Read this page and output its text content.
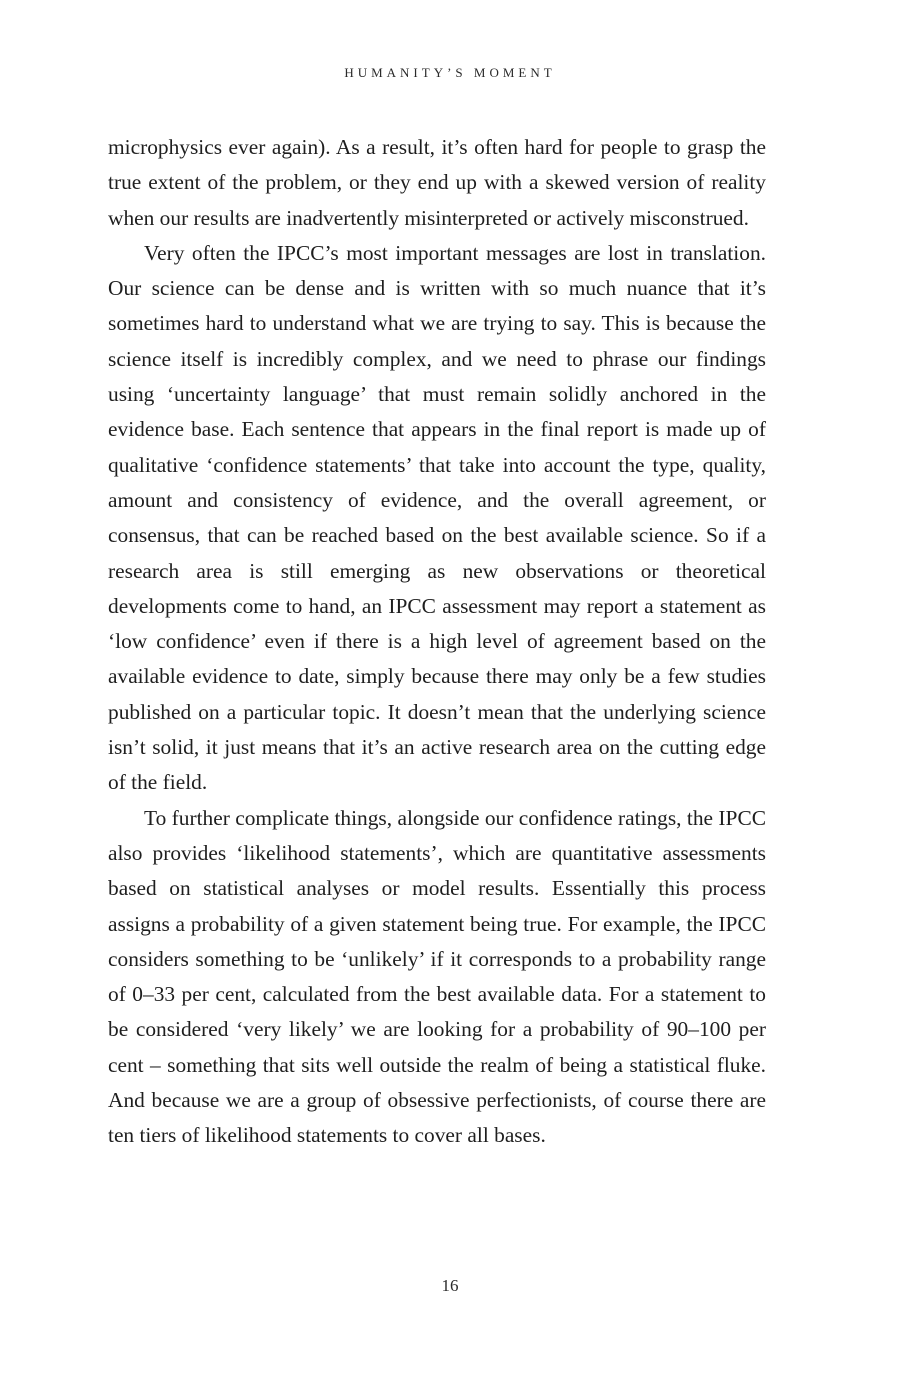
HUMANITY’S MOMENT

microphysics ever again). As a result, it’s often hard for people to grasp the true extent of the problem, or they end up with a skewed version of reality when our results are inadvertently misinterpreted or actively misconstrued.

Very often the IPCC’s most important messages are lost in translation. Our science can be dense and is written with so much nuance that it’s sometimes hard to understand what we are trying to say. This is because the science itself is incredibly complex, and we need to phrase our findings using ‘uncertainty language’ that must remain solidly anchored in the evidence base. Each sentence that appears in the final report is made up of qualitative ‘confidence statements’ that take into account the type, quality, amount and consistency of evidence, and the overall agreement, or consensus, that can be reached based on the best available science. So if a research area is still emerging as new observations or theoretical developments come to hand, an IPCC assessment may report a statement as ‘low confidence’ even if there is a high level of agreement based on the available evidence to date, simply because there may only be a few studies published on a particular topic. It doesn’t mean that the underlying science isn’t solid, it just means that it’s an active research area on the cutting edge of the field.

To further complicate things, alongside our confidence ratings, the IPCC also provides ‘likelihood statements’, which are quantitative assessments based on statistical analyses or model results. Essentially this process assigns a probability of a given statement being true. For example, the IPCC considers something to be ‘unlikely’ if it corresponds to a probability range of 0–33 per cent, calculated from the best available data. For a statement to be considered ‘very likely’ we are looking for a probability of 90–100 per cent – something that sits well outside the realm of being a statistical fluke. And because we are a group of obsessive perfectionists, of course there are ten tiers of likelihood statements to cover all bases.

16
